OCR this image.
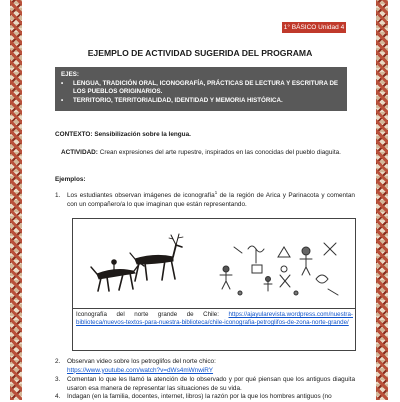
1° BÁSICO Unidad 4
EJEMPLO DE ACTIVIDAD SUGERIDA DEL PROGRAMA
EJES:
•	LENGUA, TRADICIÓN ORAL, ICONOGRAFÍA, PRÁCTICAS DE LECTURA Y ESCRITURA DE LOS PUEBLOS ORIGINARIOS.
•	TERRITORIO, TERRITORIALIDAD, IDENTIDAD Y MEMORIA HISTÓRICA.
CONTEXTO: Sensibilización sobre la lengua.
ACTIVIDAD: Crean expresiones del arte rupestre, inspirados en las conocidas del pueblo diaguita.
Ejemplos:
1.	Los estudiantes observan imágenes de iconografía$^1$ de la región de Arica y Parinacota y comentan con un compañero/a lo que imaginan que están representando.
Iconografía del norte grande de Chile: https://ajayularevista.wordpress.com/nuestra-biblioteca/nuevos-textos-para-nuestra-biblioteca/chile-iconografia-petroglifos-de-zona-norte-grande/
2.	Observan video sobre los petroglifos del norte chico:
https://www.youtube.com/watch?v=dWs4mWnwiRY
3.	Comentan lo que les llamó la atención de lo observado y por qué piensan que los antiguos diaguita usaron esa manera de representar las situaciones de su vida.
4.	Indagan (en la familia, docentes, internet, libros) la razón por la que los hombres antiguos (no
